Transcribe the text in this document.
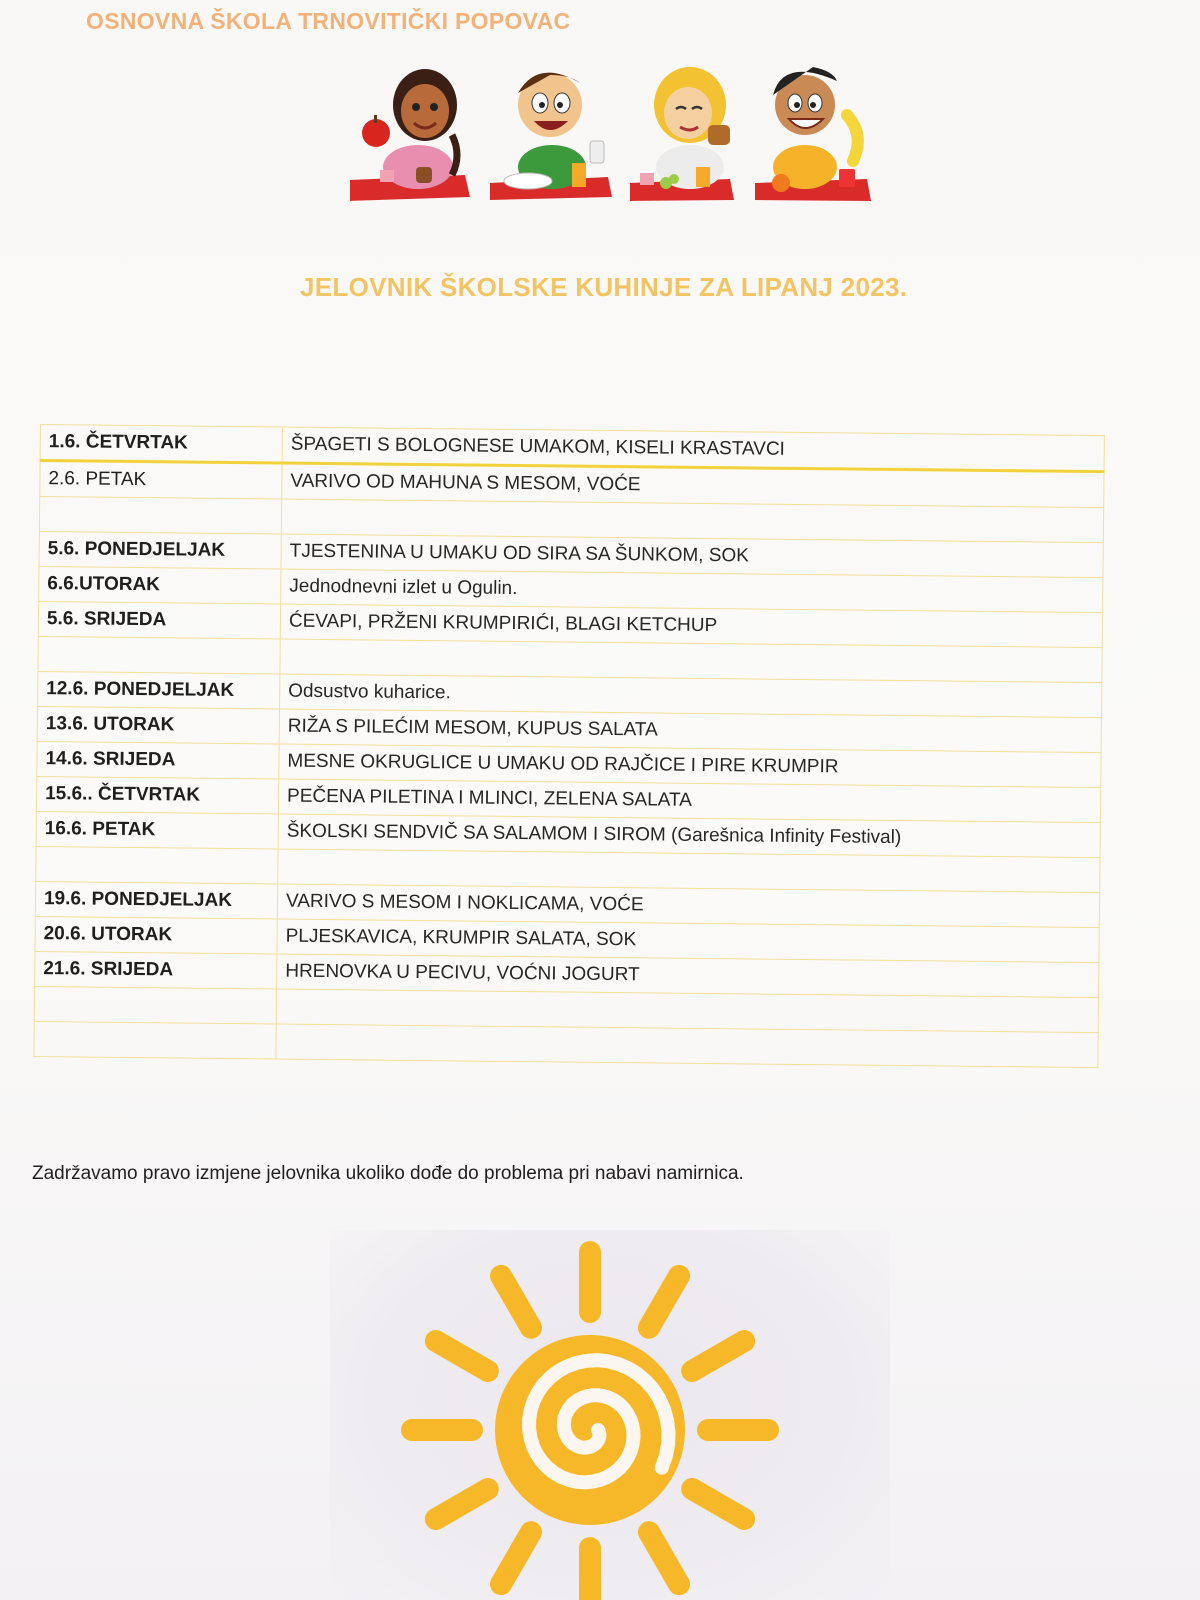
OSNOVNA ŠKOLA TRNOVITIČKI POPOVAC
JELOVNIK ŠKOLSKE KUHINJE ZA LIPANJ 2023.
1.6. ČETVRTAK	ŠPAGETI S BOLOGNESE UMAKOM, KISELI KRASTAVCI
2.6. PETAK	VARIVO OD MAHUNA S MESOM, VOĆE

5.6. PONEDJELJAK	TJESTENINA U UMAKU OD SIRA SA ŠUNKOM, SOK
6.6.UTORAK	Jednodnevni izlet u Ogulin.
5.6. SRIJEDA	ĆEVAPI, PRŽENI KRUMPIRIĆI, BLAGI KETCHUP

12.6. PONEDJELJAK	Odsustvo kuharice.
13.6. UTORAK	RIŽA S PILEĆIM MESOM, KUPUS SALATA
14.6. SRIJEDA	MESNE OKRUGLICE U UMAKU OD RAJČICE I PIRE KRUMPIR
15.6.. ČETVRTAK	PEČENA PILETINA I MLINCI, ZELENA SALATA
16.6. PETAK	ŠKOLSKI SENDVIČ SA SALAMOM I SIROM (Garešnica Infinity Festival)

19.6. PONEDJELJAK	VARIVO S MESOM I NOKLICAMA, VOĆE
20.6. UTORAK	PLJESKAVICA, KRUMPIR SALATA, SOK
21.6. SRIJEDA	HRENOVKA U PECIVU, VOĆNI JOGURT

Zadržavamo pravo izmjene jelovnika ukoliko dođe do problema pri nabavi namirnica.
